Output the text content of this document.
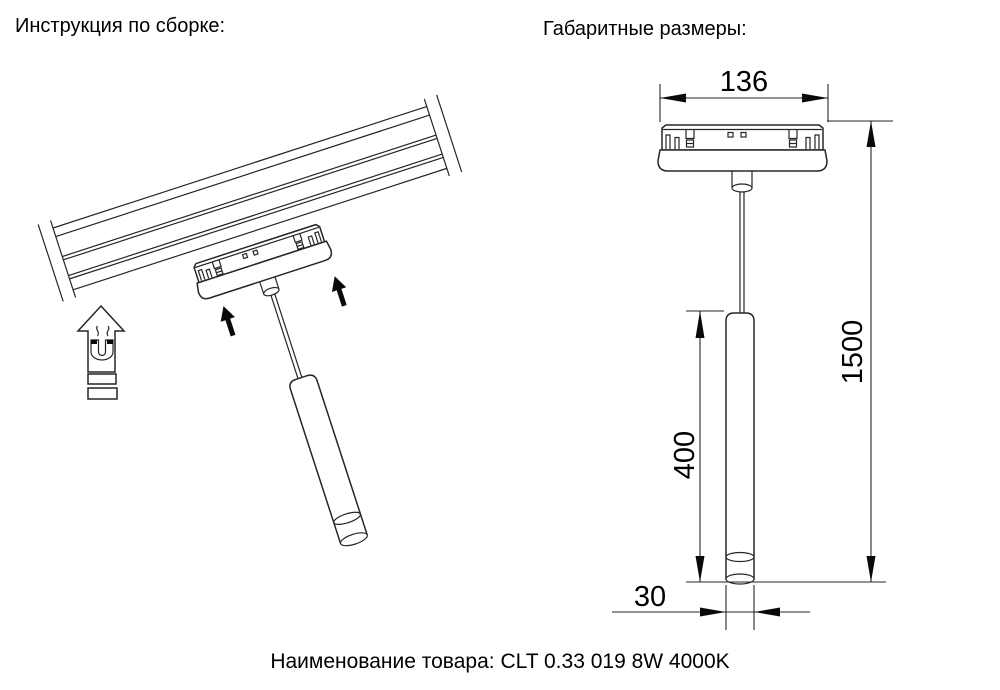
Инструкция по сборке:	Габаритные размеры:
136
1500
400
30
Наименование товара: CLT 0.33 019 8W 4000K
